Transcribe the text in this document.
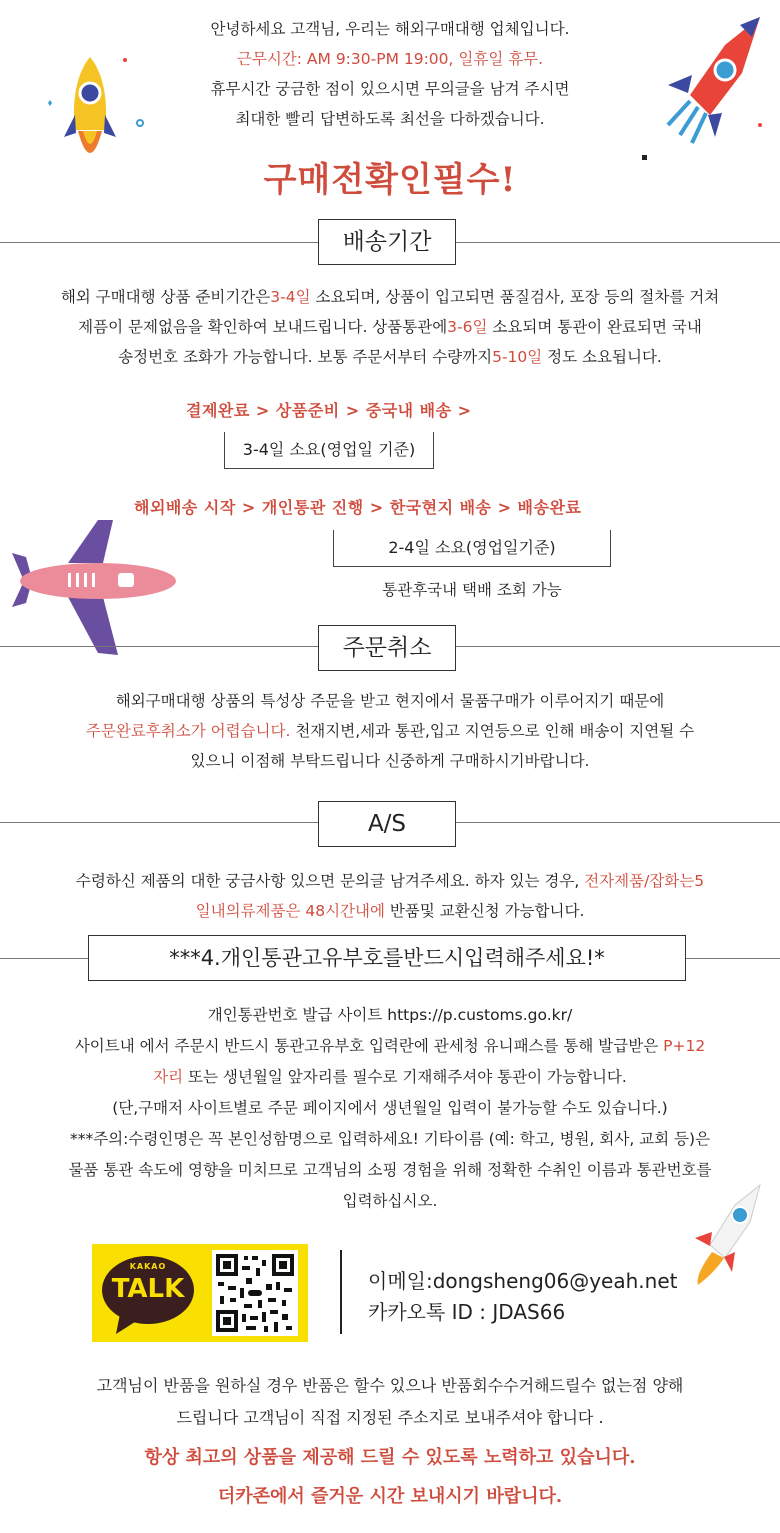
안녕하세요 고객님, 우리는 해외구매대행 업체입니다.
근무시간: AM 9:30-PM 19:00, 일휴일 휴무.
휴무시간 궁금한 점이 있으시면 무의글을 남겨 주시면
최대한 빨리 답변하도록 최선을 다하겠습니다.
구매전확인필수!
배송기간
해외 구매대행 상품 준비기간은3-4일 소요되며, 상품이 입고되면 품질검사, 포장 등의 절차를 거쳐
제픔이 문제없음을 확인하여 보내드립니다. 상품통관에3-6일 소요되며 통관이 완료되면 국내
송정번호 조화가 가능합니다. 보통 주문서부터 수량까지5-10일 정도 소요됩니다.
결제완료 > 상품준비 > 중국내 배송 >
3-4일 소요(영업일 기준)
해외배송 시작 > 개인통관 진행 > 한국현지 배송 > 배송완료
2-4일 소요(영업일기준)
통관후국내 택배 조회 가능
주문취소
해외구매대행 상품의 특성상 주문을 받고 현지에서 물품구매가 이루어지기 때문에
주문완료후취소가 어렵습니다. 천재지변,세과 통관,입고 지연등으로 인해 배송이 지연될 수
있으니 이점해 부탁드립니다 신중하게 구매하시기바랍니다.
A/S
수령하신 제품의 대한 궁금사항 있으면 문의글 남겨주세요. 하자 있는 경우, 전자제품/잡화는5
일내의류제품은 48시간내에 반품및 교환신청 가능합니다.
***4.개인통관고유부호를반드시입력해주세요!*
개인통관번호 발급 사이트 https://p.customs.go.kr/
사이트내 에서 주문시 반드시 통관고유부호 입력란에 관세청 유니패스를 통해 발급받은 P+12
자리 또는 생년월일 앞자리를 필수로 기재해주셔야 통관이 가능합니다.
(단,구매저 사이트별로 주문 페이지에서 생년월일 입력이 불가능할 수도 있습니다.)
***주의:수령인명은 꼭 본인성함명으로 입력하세요! 기타이름 (예: 학고, 병원, 회사, 교회 등)은
물품 통관 속도에 영향을 미치므로 고객님의 소핑 경험을 위해 정확한 수취인 이름과 통관번호를
입력하십시오.
KAKAO
TALK	이메일:dongsheng06@yeah.net
카카오톡 ID : JDAS66
고객님이 반품을 원하실 경우 반품은 할수 있으나 반품회수수거해드릴수 없는점 양해
드립니다 고객님이 직접 지정된 주소지로 보내주셔야 합니다 .
항상 최고의 상품을 제공해 드릴 수 있도록 노력하고 있습니다.
더카존에서 즐거운 시간 보내시기 바랍니다.
